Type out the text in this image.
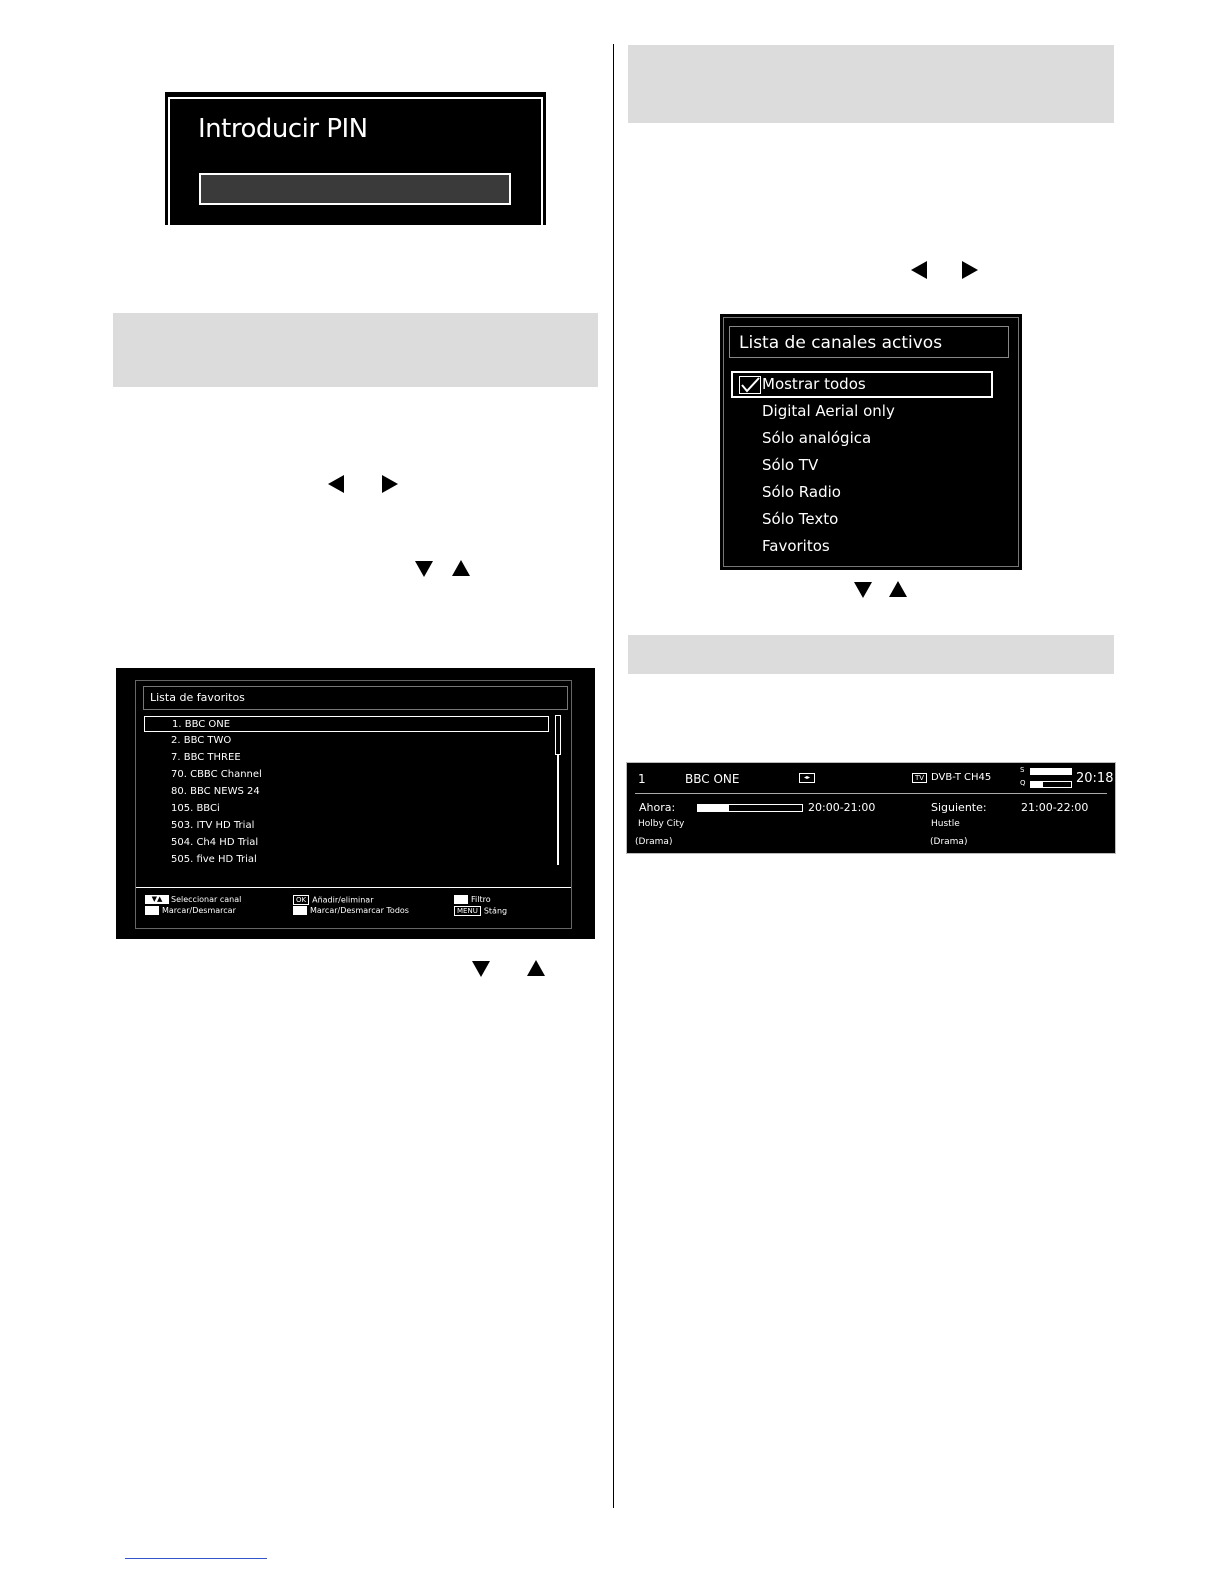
Introducir PIN
Lista de favoritos
1. BBC ONE
2. BBC TWO
7. BBC THREE
70. CBBC Channel
80. BBC NEWS 24
105. BBCi
503. ITV HD Trial
504. Ch4 HD Trial
505. five HD Trial
▼▲ Seleccionar canal
Marcar/Desmarcar
OK Añadir/eliminar
Marcar/Desmarcar Todos
Filtro
MENU Stáng
Lista de canales activos
Mostrar todos
Digital Aerial only
Sólo analógica
Sólo TV
Sólo Radio
Sólo Texto
Favoritos
1	BBC ONE	◂▸	TV DVB-T CH45
S
Q	20:18
Ahora:	20:00-21:00
Holby City
(Drama)
Siguiente:	21:00-22:00
Hustle
(Drama)
